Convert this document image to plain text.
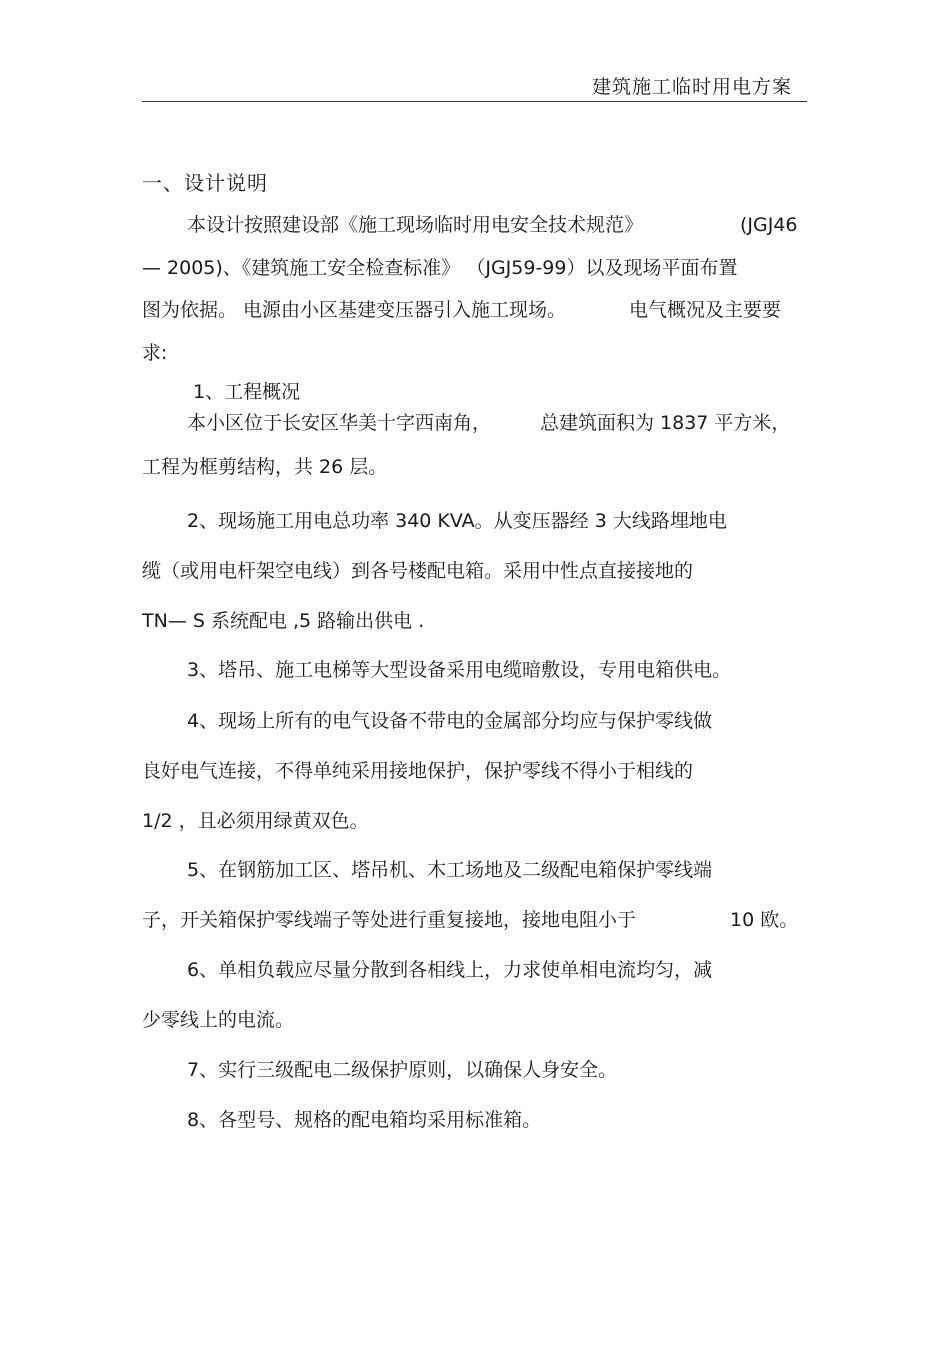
建筑施工临时用电方案
一、设计说明
本设计按照建设部《施工现场临时用电安全技术规范》	(JGJ46
— 2005)、《建筑施工安全检查标准》 （JGJ59-99）以及现场平面布置
图为依据。 电源由小区基建变压器引入施工现场。	电气概况及主要要
求:
1、工程概况
本小区位于长安区华美十字西南角，	总建筑面积为 1837 平方米，
工程为框剪结构，共 26 层。
2、现场施工用电总功率 340 KVA。从变压器经 3 大线路埋地电
缆（或用电杆架空电线）到各号楼配电箱。采用中性点直接接地的
TN— S 系统配电 ,5 路输出供电 .
3、塔吊、施工电梯等大型设备采用电缆暗敷设，专用电箱供电。
4、现场上所有的电气设备不带电的金属部分均应与保护零线做
良好电气连接，不得单纯采用接地保护，保护零线不得小于相线的
1/2 ，且必须用绿黄双色。
5、在钢筋加工区、塔吊机、木工场地及二级配电箱保护零线端
子，开关箱保护零线端子等处进行重复接地，接地电阻小于	10 欧。
6、单相负载应尽量分散到各相线上，力求使单相电流均匀，减
少零线上的电流。
7、实行三级配电二级保护原则，以确保人身安全。
8、各型号、规格的配电箱均采用标准箱。
